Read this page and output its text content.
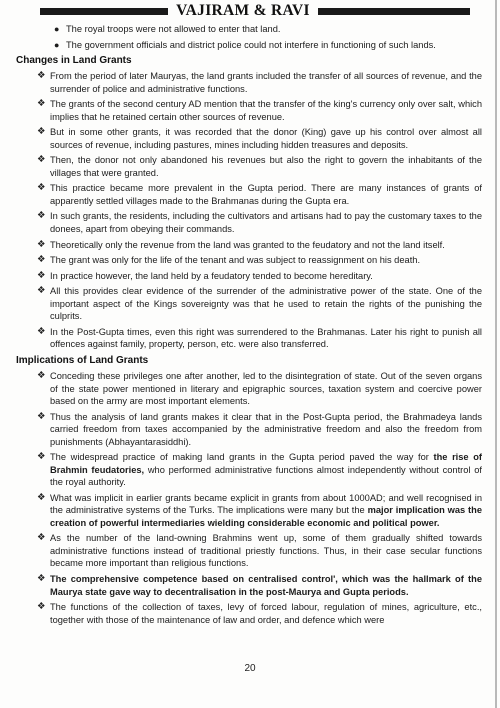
VAJIRAM & RAVI
● The royal troops were not allowed to enter that land.
● The government officials and district police could not interfere in functioning of such lands.
Changes in Land Grants

❖ From the period of later Mauryas, the land grants included the transfer of all sources of revenue, and the surrender of police and administrative functions.

❖ The grants of the second century AD mention that the transfer of the king's currency only over salt, which implies that he retained certain other sources of revenue.

❖ But in some other grants, it was recorded that the donor (King) gave up his control over almost all sources of revenue, including pastures, mines including hidden treasures and deposits.

❖ Then, the donor not only abandoned his revenues but also the right to govern the inhabitants of the villages that were granted.

❖ This practice became more prevalent in the Gupta period. There are many instances of grants of apparently settled villages made to the Brahmanas during the Gupta era.

❖ In such grants, the residents, including the cultivators and artisans had to pay the customary taxes to the donees, apart from obeying their commands.

❖ Theoretically only the revenue from the land was granted to the feudatory and not the land itself.

❖ The grant was only for the life of the tenant and was subject to reassignment on his death.

❖ In practice however, the land held by a feudatory tended to become hereditary.

❖ All this provides clear evidence of the surrender of the administrative power of the state. One of the important aspect of the Kings sovereignty was that he used to retain the rights of the punishing the culprits.

❖ In the Post-Gupta times, even this right was surrendered to the Brahmanas. Later his right to punish all offences against family, property, person, etc. were also transferred.

Implications of Land Grants

❖ Conceding these privileges one after another, led to the disintegration of state. Out of the seven organs of the state power mentioned in literary and epigraphic sources, taxation system and coercive power based on the army are most important elements.

❖ Thus the analysis of land grants makes it clear that in the Post-Gupta period, the Brahmadeya lands carried freedom from taxes accompanied by the administrative freedom and also the freedom from punishments (Abhayantarasiddhi).

❖ The widespread practice of making land grants in the Gupta period paved the way for the rise of Brahmin feudatories, who performed administrative functions almost independently without control of the royal authority.

❖ What was implicit in earlier grants became explicit in grants from about 1000AD; and well recognised in the administrative systems of the Turks. The implications were many but the major implication was the creation of powerful intermediaries wielding considerable economic and political power.

❖ As the number of the land-owning Brahmins went up, some of them gradually shifted towards administrative functions instead of traditional priestly functions. Thus, in their case secular functions became more important than religious functions.

❖ The comprehensive competence based on centralised control', which was the hallmark of the Maurya state gave way to decentralisation in the post-Maurya and Gupta periods.

❖ The functions of the collection of taxes, levy of forced labour, regulation of mines, agriculture, etc., together with those of the maintenance of law and order, and defence which were

20
